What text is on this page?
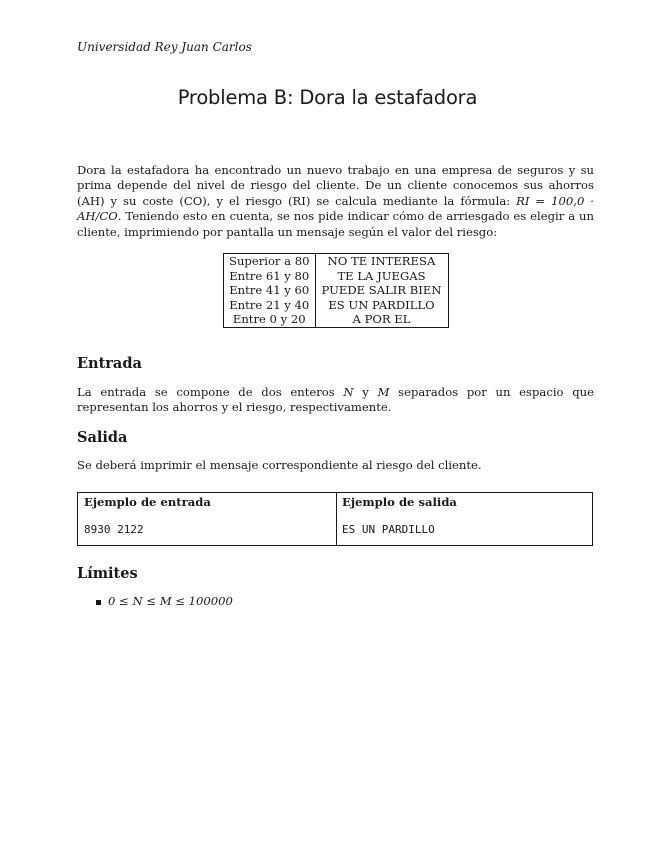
Universidad Rey Juan Carlos
Problema B: Dora la estafadora
Dora la estafadora ha encontrado un nuevo trabajo en una empresa de seguros y su prima depende del nivel de riesgo del cliente. De un cliente conocemos sus ahorros (AH) y su coste (CO), y el riesgo (RI) se calcula mediante la fórmula: RI = 100,0 · AH/CO. Teniendo esto en cuenta, se nos pide indicar cómo de arriesgado es elegir a un cliente, imprimiendo por pantalla un mensaje según el valor del riesgo:
Superior a 80	NO TE INTERESA
Entre 61 y 80	TE LA JUEGAS
Entre 41 y 60	PUEDE SALIR BIEN
Entre 21 y 40	ES UN PARDILLO
Entre 0 y 20	A POR EL
Entrada
La entrada se compone de dos enteros N y M separados por un espacio que representan los ahorros y el riesgo, respectivamente.
Salida
Se deberá imprimir el mensaje correspondiente al riesgo del cliente.
Ejemplo de entrada
8930 2122
Ejemplo de salida
ES UN PARDILLO
Límites
0 ≤ N ≤ M ≤ 100000
